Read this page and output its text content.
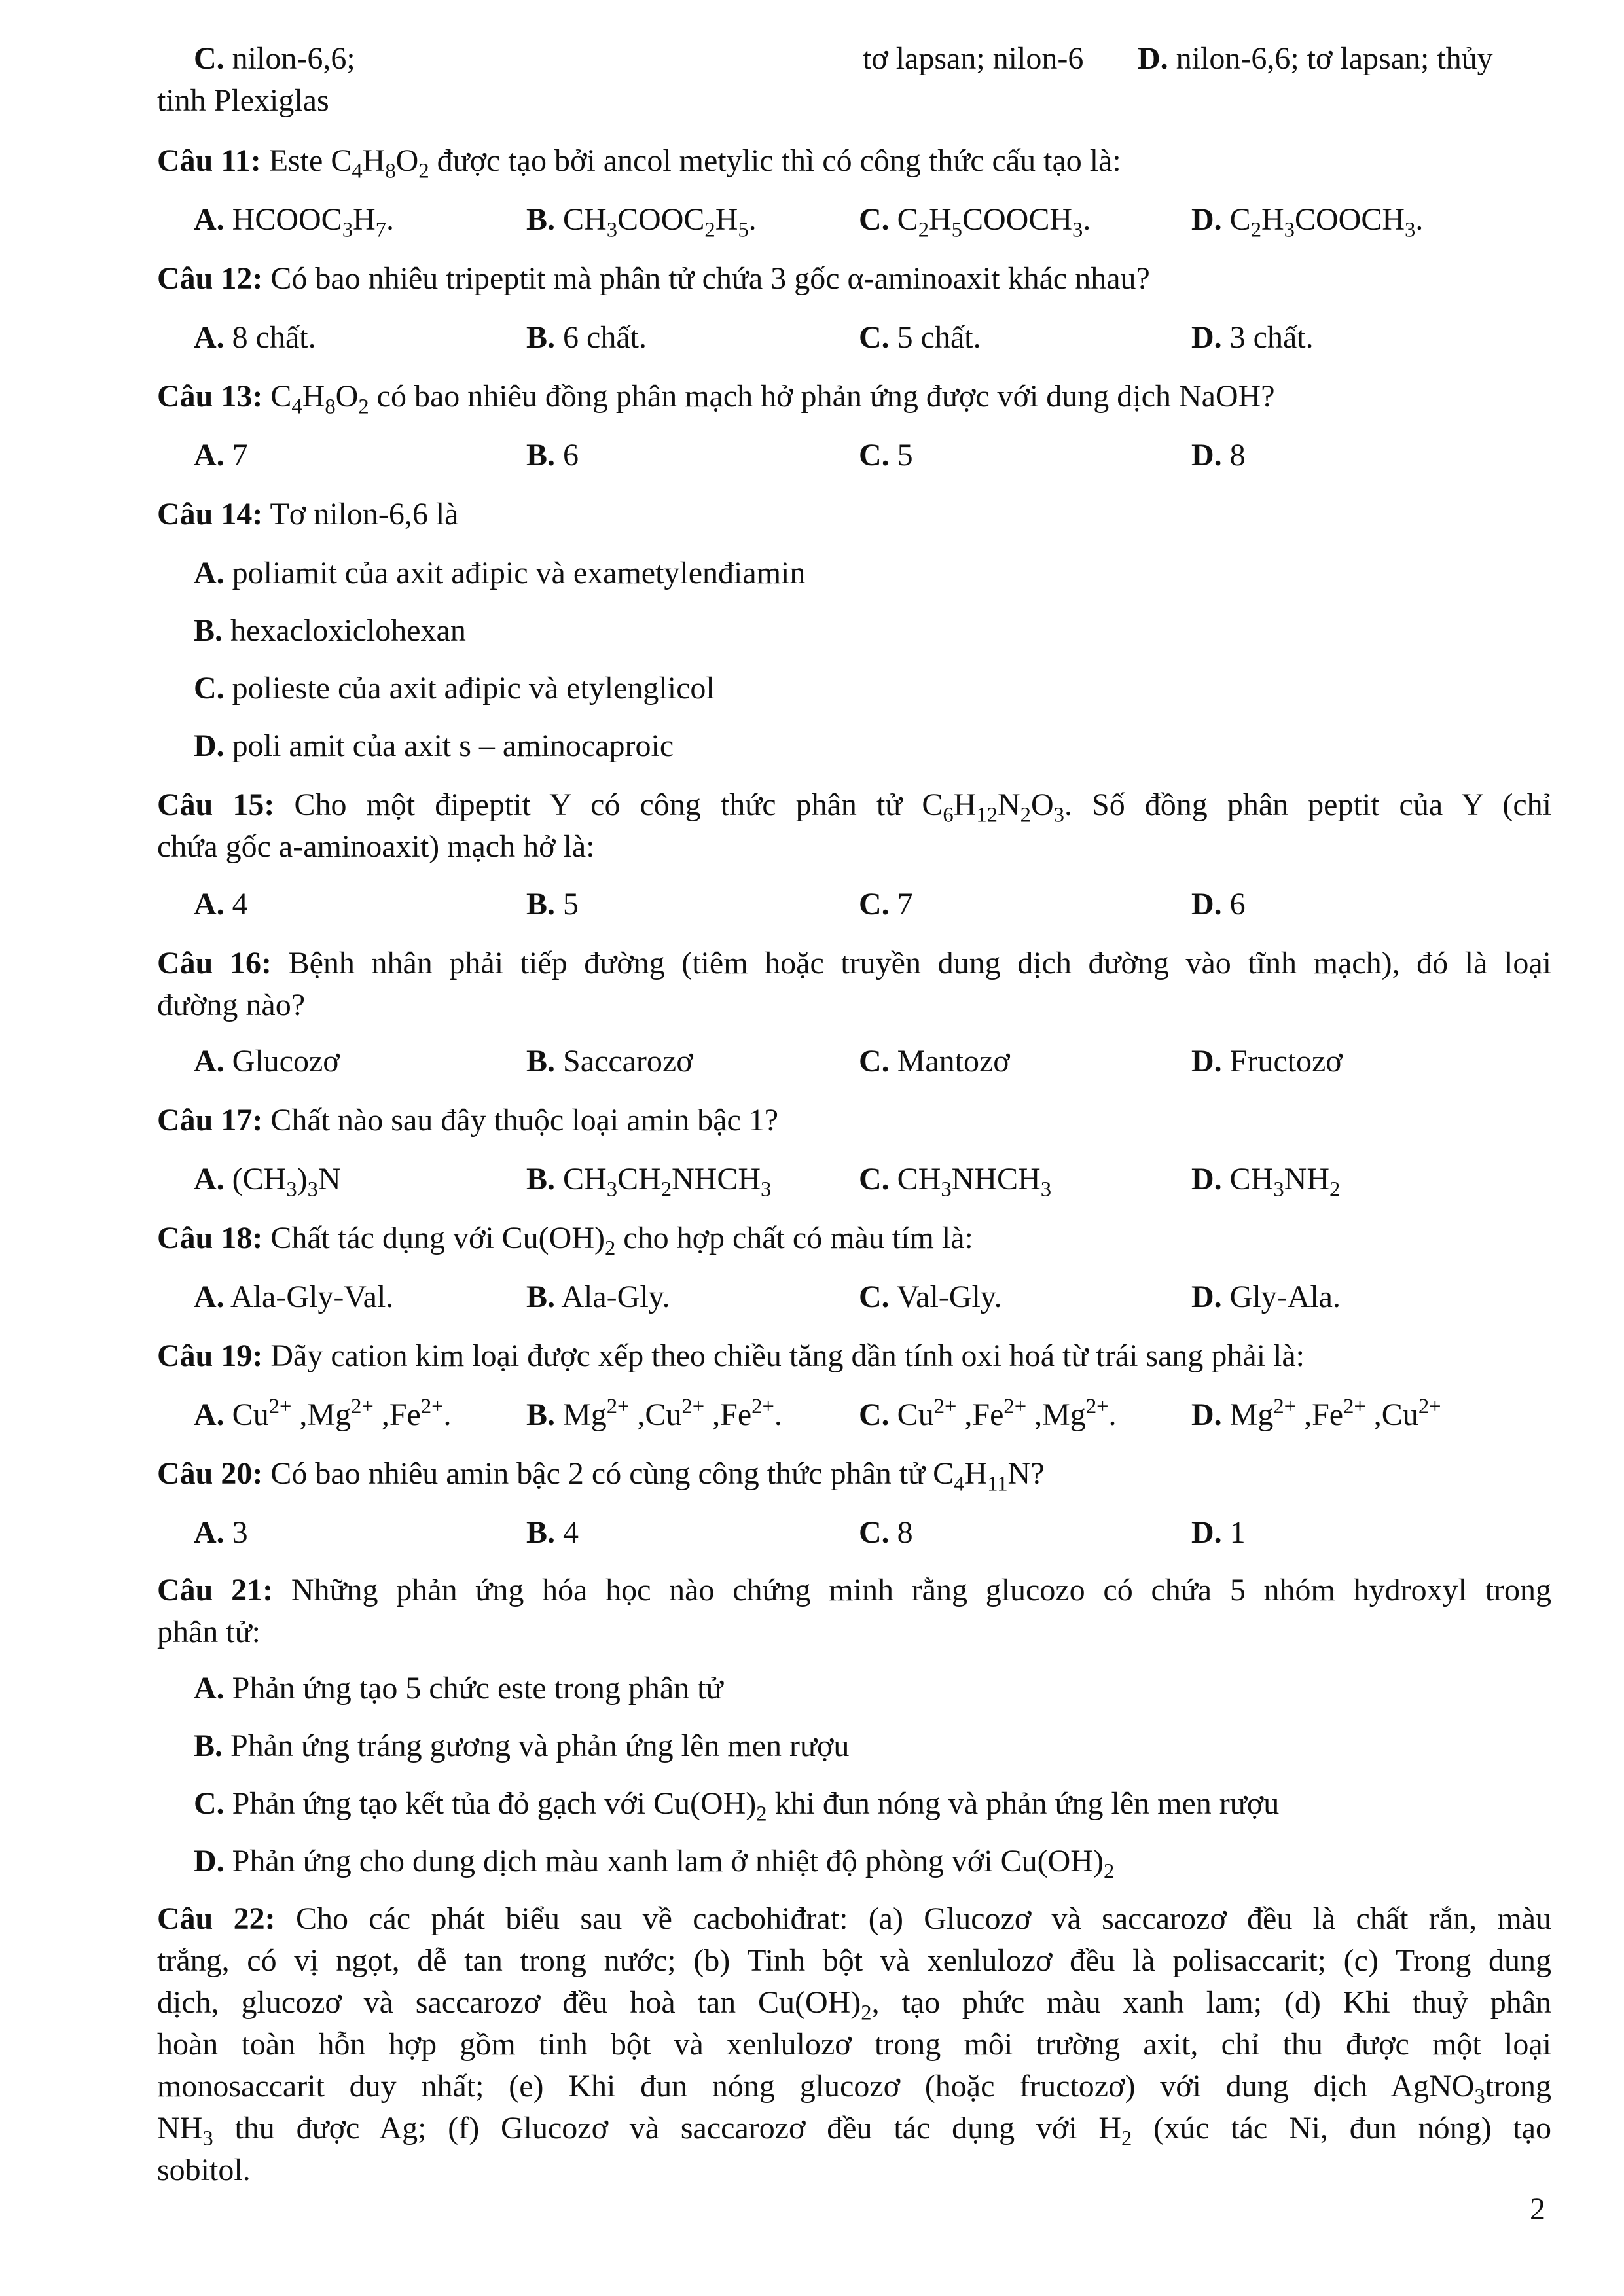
C. nilon-6,6;	tơ lapsan; nilon-6 D. nilon-6,6; tơ lapsan; thủy
tinh Plexiglas
Câu 11: Este $C_4H_8O_2$ được tạo bởi ancol metylic thì có công thức cấu tạo là:
A. $HCOOC_3H_7$.	B. $CH_3COOC_2H_5$.	C. $C_2H_5COOCH_3$.	D. $C_2H_3COOCH_3$.
Câu 12: Có bao nhiêu tripeptit mà phân tử chứa 3 gốc α-aminoaxit khác nhau?
A. 8 chất.	B. 6 chất.	C. 5 chất.	D. 3 chất.
Câu 13: $C_4H_8O_2$ có bao nhiêu đồng phân mạch hở phản ứng được với dung dịch NaOH?
A. 7	B. 6	C. 5	D. 8
Câu 14: Tơ nilon-6,6 là
A. poliamit của axit ađipic và exametylenđiamin
B. hexacloxiclohexan
C. polieste của axit ađipic và etylenglicol
D. poli amit của axit s – aminocaproic
Câu 15: Cho một đipeptit Y có công thức phân tử $C_6H_{12}N_2O_3$. Số đồng phân peptit của Y (chỉ
chứa gốc a-aminoaxit) mạch hở là:
A. 4	B. 5	C. 7	D. 6
Câu 16: Bệnh nhân phải tiếp đường (tiêm hoặc truyền dung dịch đường vào tĩnh mạch), đó là loại
đường nào?
A. Glucozơ	B. Saccarozơ	C. Mantozơ	D. Fructozơ
Câu 17: Chất nào sau đây thuộc loại amin bậc 1?
A. $(CH_3)_3N$	B. $CH_3CH_2NHCH_3$	C. $CH_3NHCH_3$	D. $CH_3NH_2$
Câu 18: Chất tác dụng với $Cu(OH)_2$ cho hợp chất có màu tím là:
A. Ala-Gly-Val.	B. Ala-Gly.	C. Val-Gly.	D. Gly-Ala.
Câu 19: Dãy cation kim loại được xếp theo chiều tăng dần tính oxi hoá từ trái sang phải là:
A. $Cu^{2+}$ $,Mg^{2+}$ $,Fe^{2+}$. B. $Mg^{2+}$ $,Cu^{2+}$ $,Fe^{2+}$. C. $Cu^{2+}$ $,Fe^{2+}$ $,Mg^{2+}$. D. $Mg^{2+}$ $,Fe^{2+}$ $,Cu^{2+}$
Câu 20: Có bao nhiêu amin bậc 2 có cùng công thức phân tử $C_4H_{11}N$?
A. 3	B. 4	C. 8	D. 1
Câu 21: Những phản ứng hóa học nào chứng minh rằng glucozo có chứa 5 nhóm hydroxyl trong
phân tử:
A. Phản ứng tạo 5 chức este trong phân tử
B. Phản ứng tráng gương và phản ứng lên men rượu
C. Phản ứng tạo kết tủa đỏ gạch với $Cu(OH)_2$ khi đun nóng và phản ứng lên men rượu
D. Phản ứng cho dung dịch màu xanh lam ở nhiệt độ phòng với $Cu(OH)_2$
Câu 22: Cho các phát biểu sau về cacbohiđrat: (a) Glucozơ và saccarozơ đều là chất rắn, màu
trắng, có vị ngọt, dễ tan trong nước; (b) Tinh bột và xenlulozơ đều là polisaccarit; (c) Trong dung
dịch, glucozơ và saccarozơ đều hoà $\tan Cu(OH)_2$, tạo phức màu xanh lam; (d) Khi thuỷ phân
hoàn toàn hỗn hợp gồm tinh bột và xenlulozơ trong môi trường axit, chỉ thu được một loại
monosaccarit duy nhất; (e) Khi đun nóng glucozơ (hoặc fructozơ) với dung dịch AgNO$_3$trong
$NH_3$ thu được Ag; (f) Glucozơ và saccarozơ đều tác dụng với $H_2$ (xúc tác Ni, đun nóng) tạo
sobitol.
2
